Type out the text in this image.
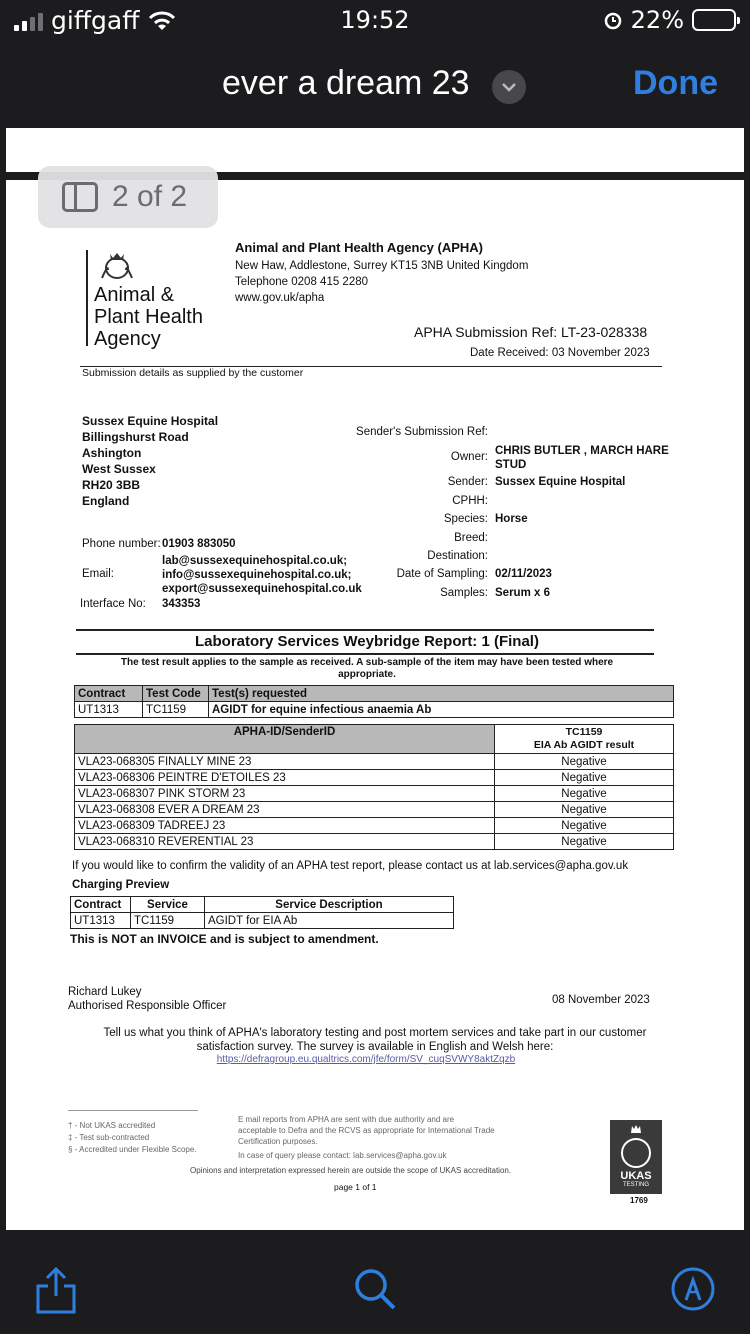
giffgaff	19:52	22%
ever a dream 23	Done
2 of 2
Animal &
Plant Health
Agency
Animal and Plant Health Agency (APHA)
New Haw, Addlestone, Surrey KT15 3NB United Kingdom
Telephone 0208 415 2280
www.gov.uk/apha
APHA Submission Ref: LT-23-028338
Date Received: 03 November 2023
Submission details as supplied by the customer
Sussex Equine Hospital
Billingshurst Road
Ashington
West Sussex
RH20 3BB
England
Sender's Submission Ref:
Owner: CHRIS BUTLER , MARCH HARE
STUD
Sender: Sussex Equine Hospital
CPHH:
Species: Horse
Breed:
Destination:
Date of Sampling: 02/11/2023
Samples: Serum x 6
Phone number: 01903 883050
Email:
lab@sussexequinehospital.co.uk;
info@sussexequinehospital.co.uk;
export@sussexequinehospital.co.uk
Interface No: 343353
Laboratory Services Weybridge Report: 1 (Final)
The test result applies to the sample as received. A sub-sample of the item may have been tested where
appropriate.
Contract	Test Code	Test(s) requested
UT1313	TC1159	AGIDT for equine infectious anaemia Ab
APHA-ID/SenderID	TC1159
EIA Ab AGIDT result

VLA23-068305 FINALLY MINE 23	Negative
VLA23-068306 PEINTRE D'ETOILES 23	Negative
VLA23-068307 PINK STORM 23	Negative
VLA23-068308 EVER A DREAM 23	Negative
VLA23-068309 TADREEJ 23	Negative
VLA23-068310 REVERENTIAL 23	Negative
If you would like to confirm the validity of an APHA test report, please contact us at lab.services@apha.gov.uk
Charging Preview
Contract	Service	Service Description
UT1313	TC1159	AGIDT for EIA Ab
This is NOT an INVOICE and is subject to amendment.
Richard Lukey
Authorised Responsible Officer	08 November 2023
Tell us what you think of APHA's laboratory testing and post mortem services and take part in our customer
satisfaction survey. The survey is available in English and Welsh here:
https://defragroup.eu.qualtrics.com/jfe/form/SV_cuqSVWY8aktZqzb
† - Not UKAS accredited
‡ - Test sub-contracted
§ - Accredited under Flexible Scope.
E mail reports from APHA are sent with due authority and are
acceptable to Defra and the RCVS as appropriate for International Trade
Certification purposes.
In case of query please contact: lab.services@apha.gov.uk
Opinions and interpretation expressed herein are outside the scope of UKAS accreditation.
page 1 of 1
UKAS
TESTING
1769
